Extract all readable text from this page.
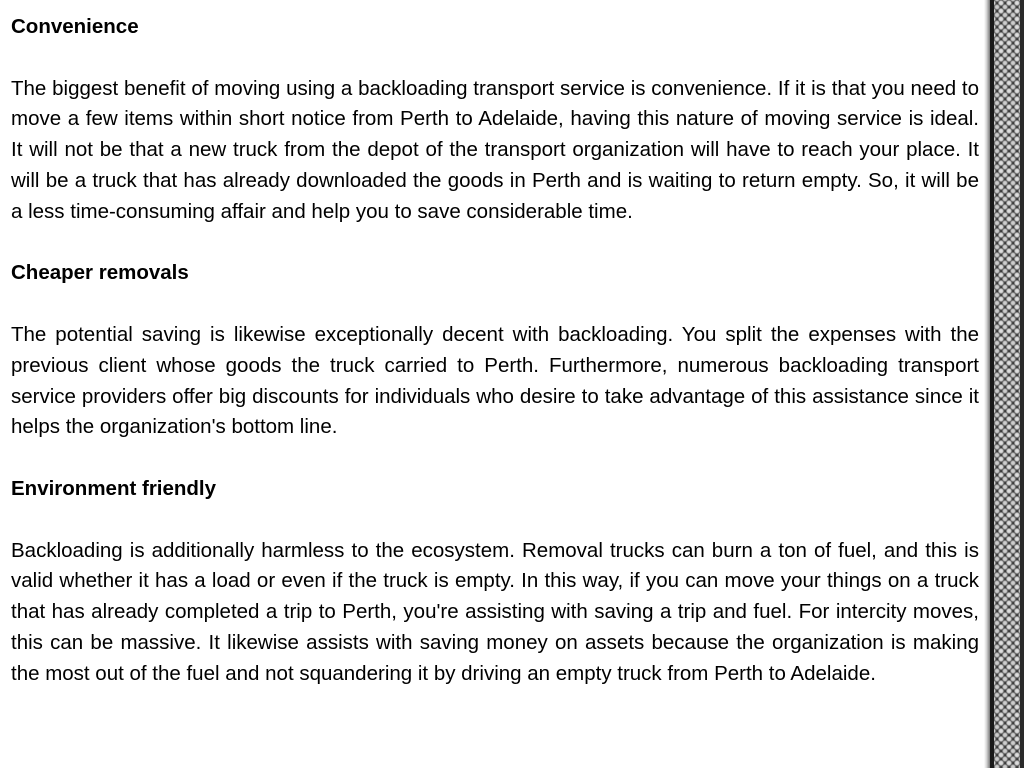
Convenience

The biggest benefit of moving using a backloading transport service is convenience. If it is that you need to move a few items within short notice from Perth to Adelaide, having this nature of moving service is ideal. It will not be that a new truck from the depot of the transport organization will have to reach your place. It will be a truck that has already downloaded the goods in Perth and is waiting to return empty. So, it will be a less time-consuming affair and help you to save considerable time.

Cheaper removals

The potential saving is likewise exceptionally decent with backloading. You split the expenses with the previous client whose goods the truck carried to Perth. Furthermore, numerous backloading transport service providers offer big discounts for individuals who desire to take advantage of this assistance since it helps the organization's bottom line.

Environment friendly

Backloading is additionally harmless to the ecosystem. Removal trucks can burn a ton of fuel, and this is valid whether it has a load or even if the truck is empty. In this way, if you can move your things on a truck that has already completed a trip to Perth, you're assisting with saving a trip and fuel. For intercity moves, this can be massive. It likewise assists with saving money on assets because the organization is making the most out of the fuel and not squandering it by driving an empty truck from Perth to Adelaide.
